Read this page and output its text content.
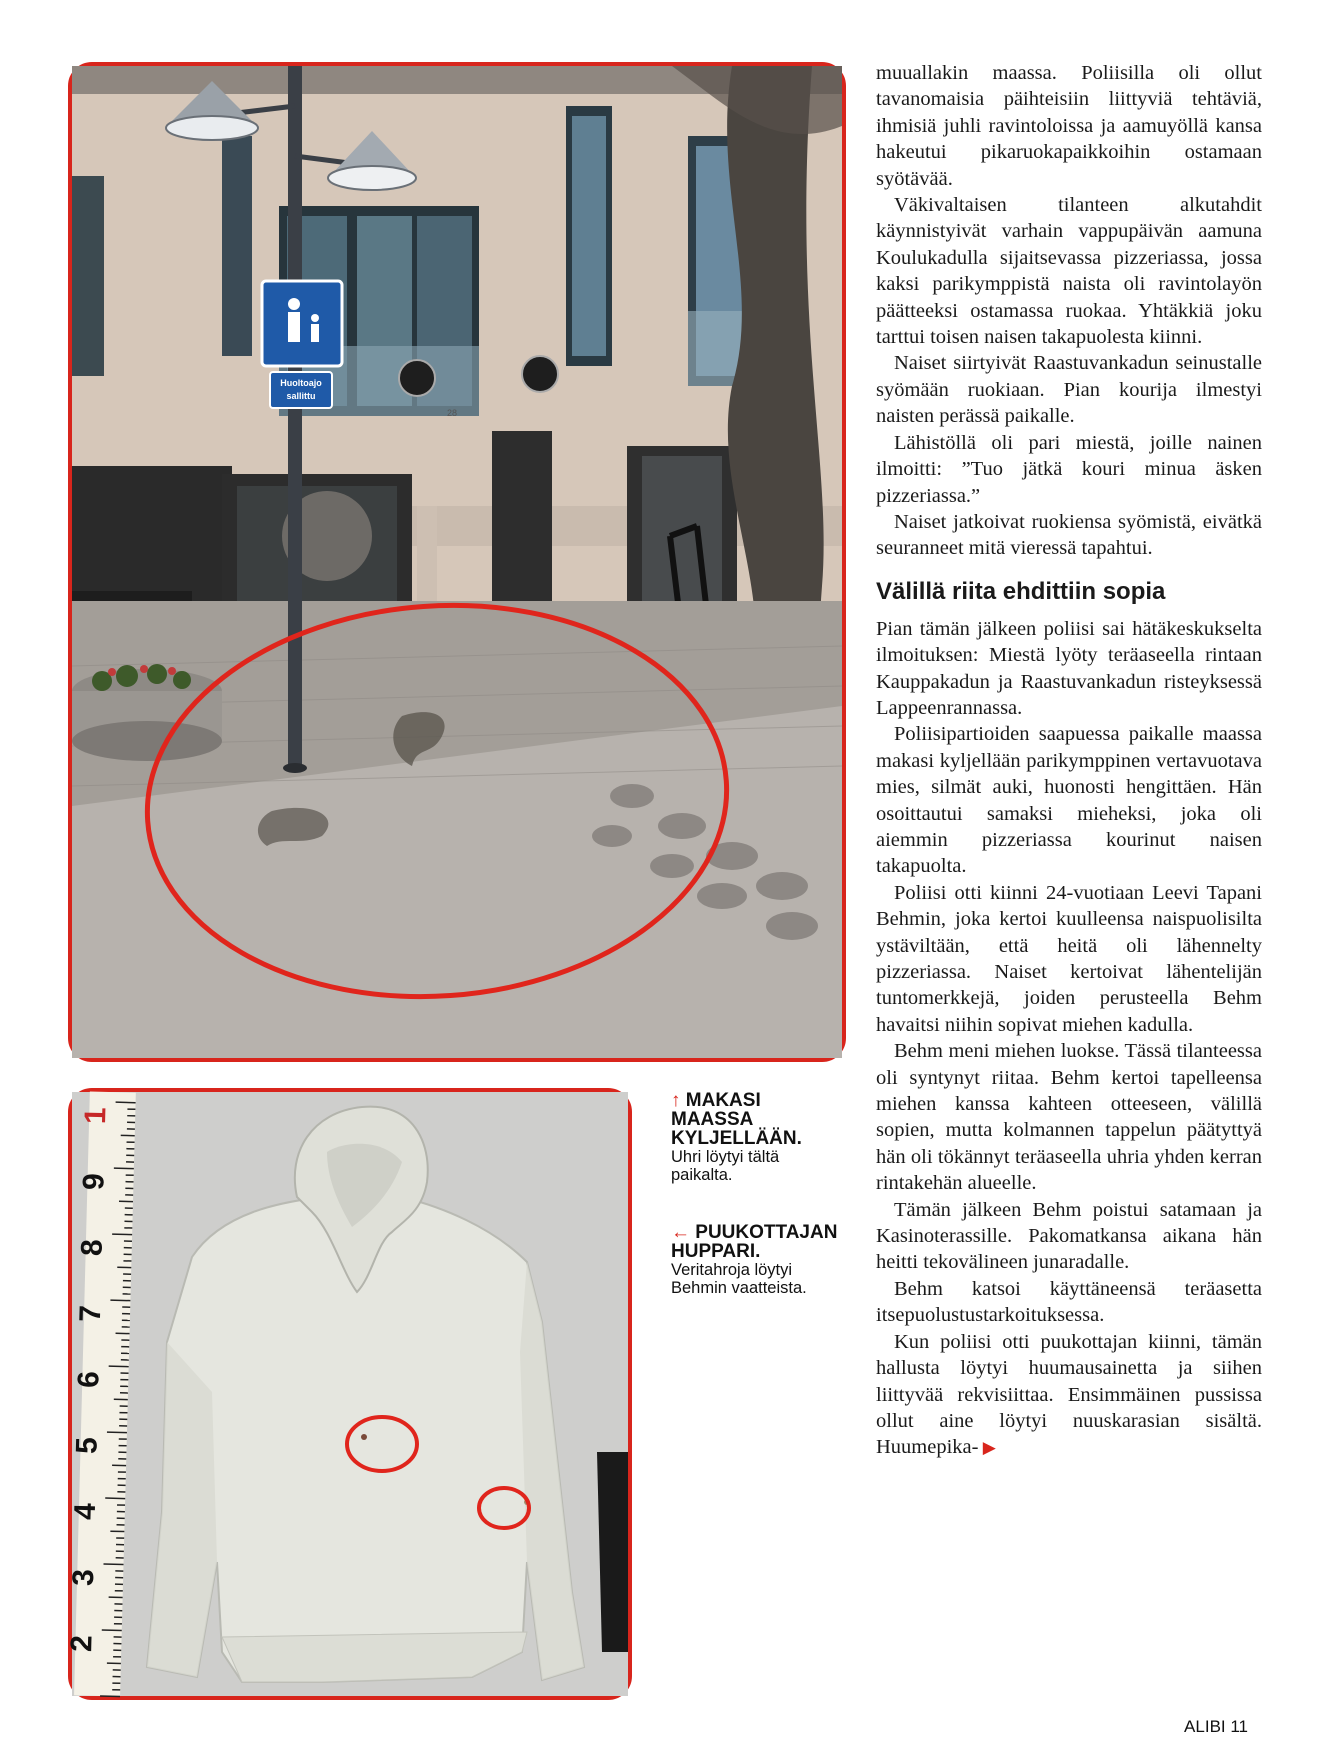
28
Huoltoajo
sallittu
1
9
8
7
6
5
4
3
2
↑ MAKASI
MAASSA
KYLJELLÄÄN.
Uhri löytyi tältä
paikalta.
← PUUKOTTAJAN
HUPPARI.
Veritahroja löytyi
Behmin vaatteista.

muuallakin maassa. Poliisilla oli ollut tavanomaisia päihteisiin liittyviä tehtäviä, ihmisiä juhli ravintoloissa ja aamuyöllä kansa hakeutui pikaruokapaikkoihin ostamaan syötävää.

Väkivaltaisen tilanteen alkutahdit käynnistyivät varhain vappupäivän aamuna Koulukadulla sijaitsevassa pizzeriassa, jossa kaksi parikymppistä naista oli ravintolayön päätteeksi ostamassa ruokaa. Yhtäkkiä joku tarttui toisen naisen takapuolesta kiinni.

Naiset siirtyivät Raastuvankadun seinustalle syömään ruokiaan. Pian kourija ilmestyi naisten perässä paikalle.

Lähistöllä oli pari miestä, joille nainen ilmoitti: ”Tuo jätkä kouri minua äsken pizzeriassa.”

Naiset jatkoivat ruokiensa syömistä, eivätkä seuranneet mitä vieressä tapahtui.

Välillä riita ehdittiin sopia

Pian tämän jälkeen poliisi sai hätäkeskukselta ilmoituksen: Miestä lyöty teräaseella rintaan Kauppakadun ja Raastuvankadun risteyksessä Lappeenrannassa.

Poliisipartioiden saapuessa paikalle maassa makasi kyljellään parikymppinen vertavuotava mies, silmät auki, huonosti hengittäen. Hän osoittautui samaksi mieheksi, joka oli aiemmin pizzeriassa kourinut naisen takapuolta.

Poliisi otti kiinni 24-vuotiaan Leevi Tapani Behmin, joka kertoi kuulleensa naispuolisilta ystäviltään, että heitä oli lähennelty pizzeriassa. Naiset kertoivat lähentelijän tuntomerkkejä, joiden perusteella Behm havaitsi niihin sopivat miehen kadulla.

Behm meni miehen luokse. Tässä tilanteessa oli syntynyt riitaa. Behm kertoi tapelleensa miehen kanssa kahteen otteeseen, välillä sopien, mutta kolmannen tappelun päätyttyä hän oli tökännyt teräaseella uhria yhden kerran rintakehän alueelle.

Tämän jälkeen Behm poistui satamaan ja Kasinoterassille. Pakomatkansa aikana hän heitti tekovälineen junaradalle.

Behm katsoi käyttäneensä teräasetta itsepuolustustarkoituksessa.

Kun poliisi otti puukottajan kiinni, tämän hallusta löytyi huumausainetta ja siihen liittyvää rekvisiittaa. Ensimmäinen pussissa ollut aine löytyi nuuskarasian sisältä. Huumepika- ▶

ALIBI 11
